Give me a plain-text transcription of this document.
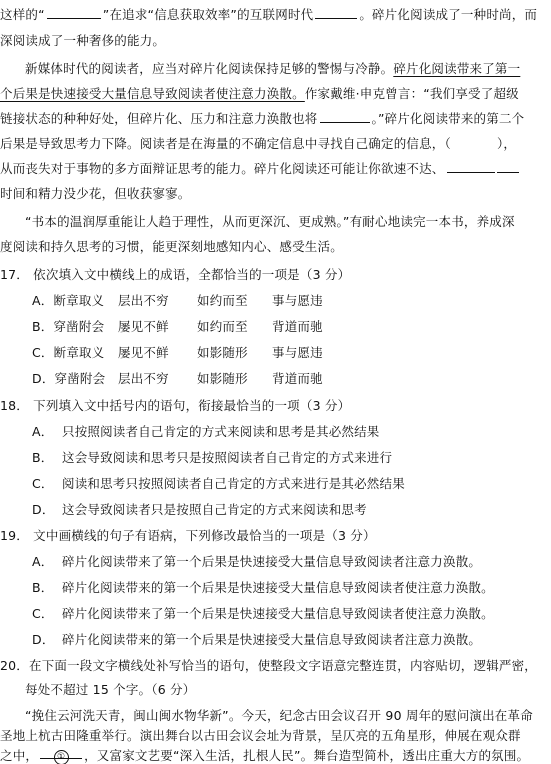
这样的“	”在追求“信息获取效率”的互联网时代	。碎片化阅读成了一种时尚，而
深阅读成了一种奢侈的能力。
新媒体时代的阅读者，应当对碎片化阅读保持足够的警惕与冷静。碎片化阅读带来了第一
个后果是快速接受大量信息导致阅读者使注意力涣散。作家戴维·申克曾言：“我们享受了超级
链接状态的种种好处，但碎片化、压力和注意力涣散也将	。”碎片化阅读带来的第二个
后果是导致思考力下降。阅读者是在海量的不确定信息中寻找自己确定的信息，（	），
从而丧失对于事物的多方面辩证思考的能力。碎片化阅读还可能让你欲速不达、
时间和精力没少花，但收获寥寥。
“书本的温润厚重能让人趋于理性，从而更深沉、更成熟。”有耐心地读完一本书，养成深
度阅读和持久思考的习惯，能更深刻地感知内心、感受生活。
17． 依次填入文中横线上的成语，全都恰当的一项是（3 分）
A．断章取义 层出不穷 如约而至 事与愿违
B．穿凿附会 屡见不鲜 如约而至 背道而驰
C．断章取义 屡见不鲜 如影随形 事与愿违
D．穿凿附会 层出不穷 如影随形 背道而驰
18． 下列填入文中括号内的语句，衔接最恰当的一项（3 分）
A． 只按照阅读者自己肯定的方式来阅读和思考是其必然结果
B． 这会导致阅读和思考只是按照阅读者自己肯定的方式来进行
C． 阅读和思考只按照阅读者自己肯定的方式来进行是其必然结果
D． 这会导致阅读者只是按照自己肯定的方式来阅读和思考
19． 文中画横线的句子有语病，下列修改最恰当的一项是（3 分）
A． 碎片化阅读带来了第一个后果是快速接受大量信息导致阅读者注意力涣散。
B． 碎片化阅读带来的第一个后果是快速接受大量信息导致阅读者使注意力涣散。
C． 碎片化阅读带来了第一个后果是快速接受大量信息导致阅读者使注意力涣散。
D． 碎片化阅读带来的第一个后果是快速接受大量信息导致阅读者注意力涣散。
20．在下面一段文字横线处补写恰当的语句，使整段文字语意完整连贯，内容贴切，逻辑严密，
每处不超过 15 个字。（6 分）
“挽住云河洗天青，闽山闽水物华新”。今天，纪念古田会议召开 90 周年的慰问演出在革命
圣地上杭古田隆重举行。演出舞台以古田会议会址为背景，呈仄亮的五角星形，伸展在观众群
之中， ① ，又富家文艺要“深入生活，扎根人民”。舞台造型简朴，透出庄重大方的氛围。
